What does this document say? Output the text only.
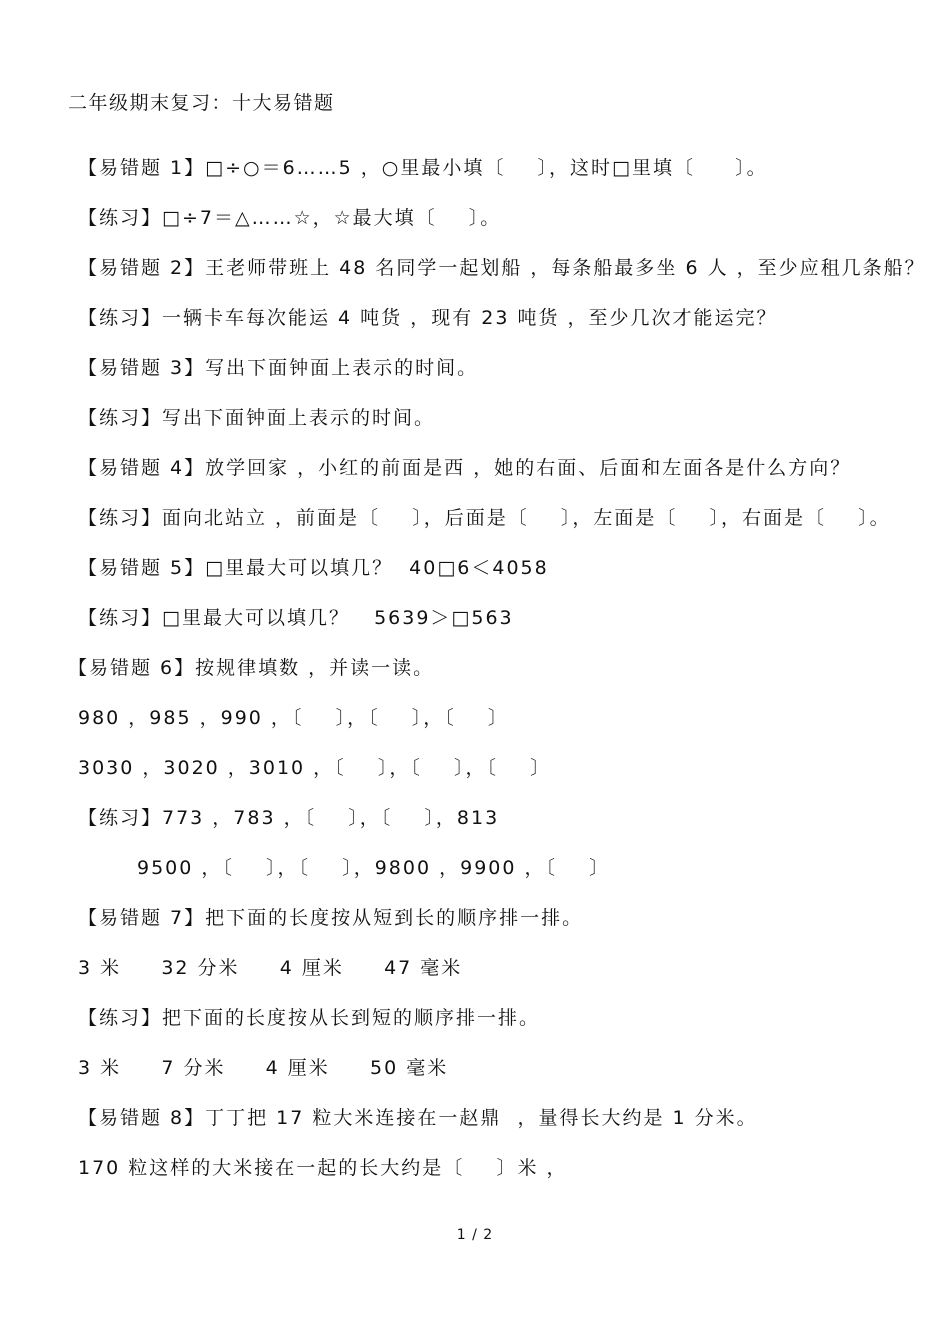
二年级期末复习：十大易错题
【易错题 1】□÷○＝6……5 ，○里最小填〔    〕，这时□里填〔     〕。
【练习】□÷7＝△……☆，☆最大填〔    〕。
【易错题 2】王老师带班上 48 名同学一起划船 ，每条船最多坐 6 人 ，至少应租几条船？
【练习】一辆卡车每次能运 4 吨货 ，现有 23 吨货 ，至少几次才能运完？
【易错题 3】写出下面钟面上表示的时间。
【练习】写出下面钟面上表示的时间。
【易错题 4】放学回家 ，小红的前面是西 ，她的右面、后面和左面各是什么方向？
【练习】面向北站立 ，前面是〔    〕，后面是〔    〕，左面是〔    〕，右面是〔    〕。
【易错题 5】□里最大可以填几？  40□6＜4058
【练习】□里最大可以填几？   5639＞□563
【易错题 6】按规律填数 ，并读一读。
980 ，985 ，990 ，〔    〕，〔    〕，〔    〕
3030 ，3020 ，3010 ，〔    〕，〔    〕，〔    〕
【练习】773 ，783 ，〔    〕，〔    〕，813
9500 ，〔    〕，〔    〕，9800 ，9900 ，〔    〕
【易错题 7】把下面的长度按从短到长的顺序排一排。
3 米     32 分米     4 厘米     47 毫米
【练习】把下面的长度按从长到短的顺序排一排。
3 米     7 分米     4 厘米     50 毫米
【易错题 8】丁丁把 17 粒大米连接在一赵鼎  ，量得长大约是 1 分米。
170 粒这样的大米接在一起的长大约是〔    〕米 ，
1 / 2
